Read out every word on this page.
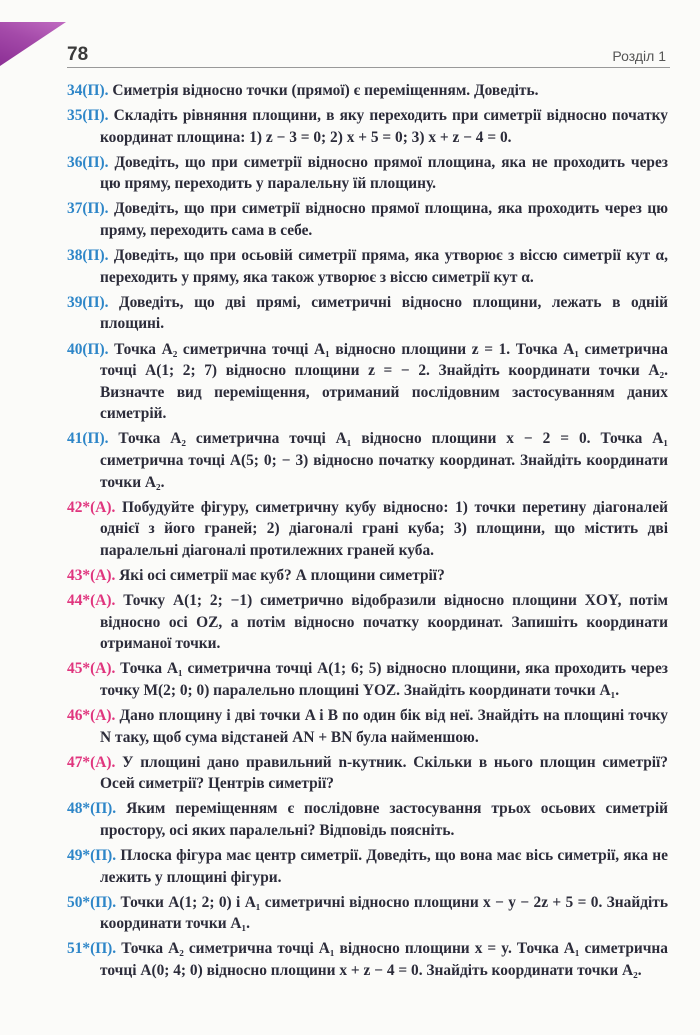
78	Розділ 1
34(П). Симетрія відносно точки (прямої) є переміщенням. Доведіть.
35(П). Складіть рівняння площини, в яку переходить при симетрії відносно початку координат площина: 1) z − 3 = 0; 2) x + 5 = 0; 3) x + z − 4 = 0.
36(П). Доведіть, що при симетрії відносно прямої площина, яка не проходить через цю пряму, переходить у паралельну їй площину.
37(П). Доведіть, що при симетрії відносно прямої площина, яка проходить через цю пряму, переходить сама в себе.
38(П). Доведіть, що при осьовій симетрії пряма, яка утворює з віссю симетрії кут α, переходить у пряму, яка також утворює з віссю симетрії кут α.
39(П). Доведіть, що дві прямі, симетричні відносно площини, лежать в одній площині.
40(П). Точка A₂ симетрична точці A₁ відносно площини z = 1. Точка A₁ симетрична точці A(1; 2; 7) відносно площини z = − 2. Знайдіть координати точки A₂. Визначте вид переміщення, отриманий послідовним застосуванням даних симетрій.
41(П). Точка A₂ симетрична точці A₁ відносно площини x − 2 = 0. Точка A₁ симетрична точці A(5; 0; − 3) відносно початку координат. Знайдіть координати точки A₂.
42*(А). Побудуйте фігуру, симетричну кубу відносно: 1) точки перетину діагоналей однієї з його граней; 2) діагоналі грані куба; 3) площини, що містить дві паралельні діагоналі протилежних граней куба.
43*(А). Які осі симетрії має куб? А площини симетрії?
44*(А). Точку A(1; 2; −1) симетрично відобразили відносно площини XOY, потім відносно осі OZ, а потім відносно початку координат. Запишіть координати отриманої точки.
45*(А). Точка A₁ симетрична точці A(1; 6; 5) відносно площини, яка проходить через точку M(2; 0; 0) паралельно площині YOZ. Знайдіть координати точки A₁.
46*(А). Дано площину і дві точки A і B по один бік від неї. Знайдіть на площині точку N таку, щоб сума відстаней AN + BN була найменшою.
47*(А). У площині дано правильний n-кутник. Скільки в нього площин симетрії? Осей симетрії? Центрів симетрії?
48*(П). Яким переміщенням є послідовне застосування трьох осьових симетрій простору, осі яких паралельні? Відповідь поясніть.
49*(П). Плоска фігура має центр симетрії. Доведіть, що вона має вісь симетрії, яка не лежить у площині фігури.
50*(П). Точки A(1; 2; 0) і A₁ симетричні відносно площини x − y − 2z + 5 = 0. Знайдіть координати точки A₁.
51*(П). Точка A₂ симетрична точці A₁ відносно площини x = y. Точка A₁ симетрична точці A(0; 4; 0) відносно площини x + z − 4 = 0. Знайдіть координати точки A₂.
